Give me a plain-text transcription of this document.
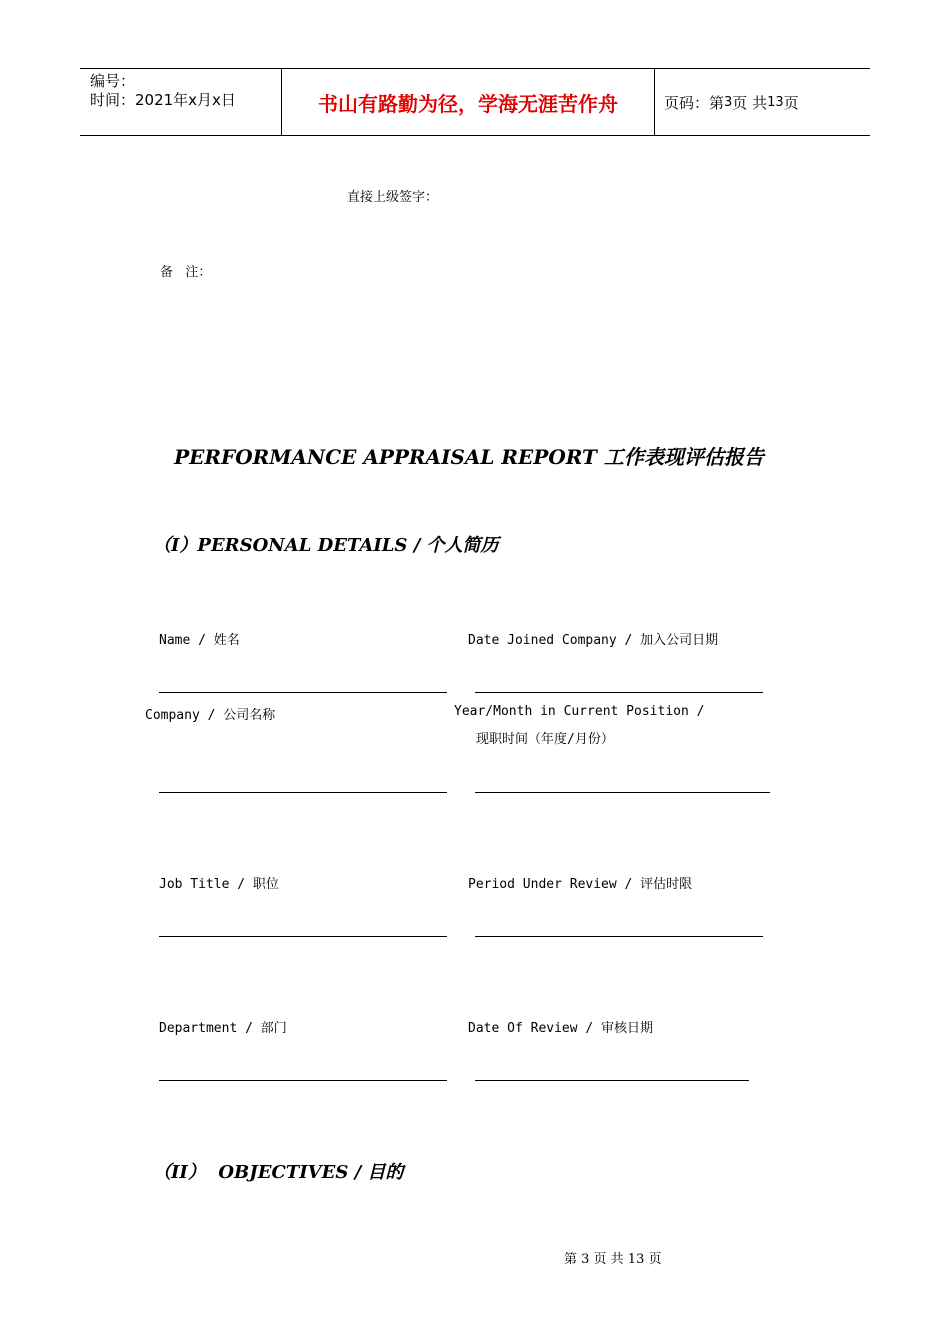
编号：
时间：2021年x月x日	书山有路勤为径，学海无涯苦作舟	页码：第 3 页 共 13 页
直接上级签字：
备   注：
PERFORMANCE APPRAISAL REPORT 工作表现评估报告
（I）PERSONAL DETAILS / 个人简历
Name / 姓名	Date Joined Company / 加入公司日期
Company / 公司名称	Year/Month in Current Position /
现职时间（年度/月份）
Job Title / 职位	Period Under Review / 评估时限
Department / 部门	Date Of Review / 审核日期
（II）  OBJECTIVES / 目的
第 3 页 共 13 页
